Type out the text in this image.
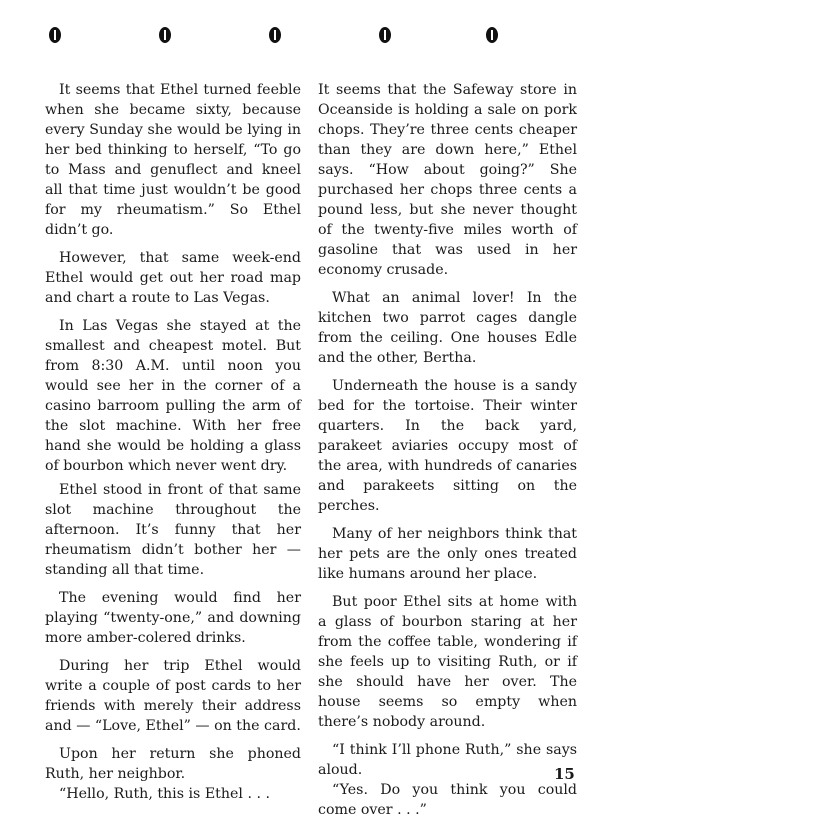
It seems that Ethel turned feeble when she became sixty, because every Sunday she would be lying in her bed thinking to herself, “To go to Mass and genuflect and kneel all that time just wouldn’t be good for my rheumatism.” So Ethel didn’t go.

However, that same week-end Ethel would get out her road map and chart a route to Las Vegas.

In Las Vegas she stayed at the smallest and cheapest motel. But from 8:30 A.M. until noon you would see her in the corner of a casino barroom pulling the arm of the slot machine. With her free hand she would be holding a glass of bourbon which never went dry.

Ethel stood in front of that same slot machine throughout the afternoon. It’s funny that her rheumatism didn’t bother her — standing all that time.

The evening would find her playing “twenty-one,” and downing more amber-colered drinks.

During her trip Ethel would write a couple of post cards to her friends with merely their address and — “Love, Ethel” — on the card.

Upon her return she phoned Ruth, her neighbor.

“Hello, Ruth, this is Ethel . . .

It seems that the Safeway store in Oceanside is holding a sale on pork chops. They’re three cents cheaper than they are down here,” Ethel says. “How about going?” She purchased her chops three cents a pound less, but she never thought of the twenty-five miles worth of gasoline that was used in her economy crusade.

What an animal lover! In the kitchen two parrot cages dangle from the ceiling. One houses Edle and the other, Bertha.

Underneath the house is a sandy bed for the tortoise. Their winter quarters. In the back yard, parakeet aviaries occupy most of the area, with hundreds of canaries and parakeets sitting on the perches.

Many of her neighbors think that her pets are the only ones treated like humans around her place.

But poor Ethel sits at home with a glass of bourbon staring at her from the coffee table, wondering if she feels up to visiting Ruth, or if she should have her over. The house seems so empty when there’s nobody around.

“I think I’ll phone Ruth,” she says aloud.

“Yes. Do you think you could come over . . .”

15
